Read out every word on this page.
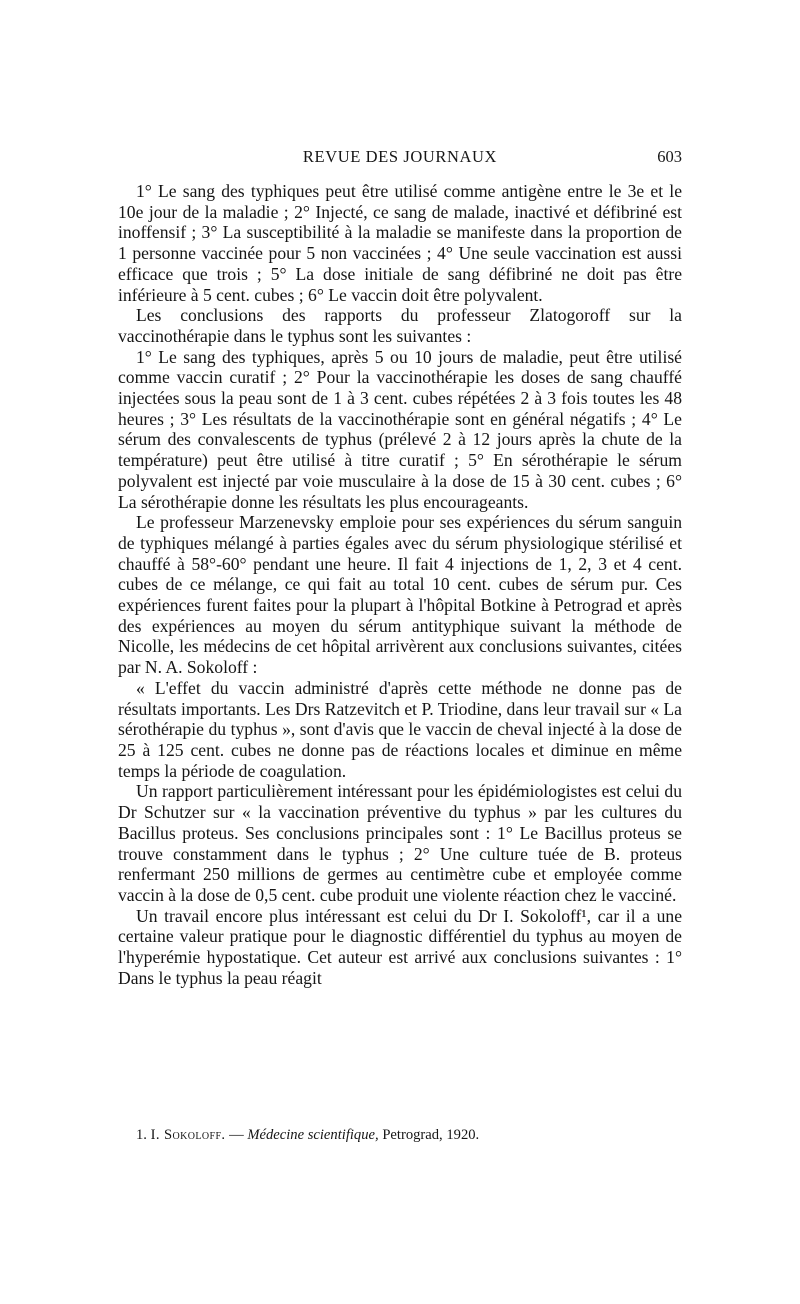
REVUE DES JOURNAUX	603

1° Le sang des typhiques peut être utilisé comme antigène entre le 3e et le 10e jour de la maladie ; 2° Injecté, ce sang de malade, inactivé et défibriné est inoffensif ; 3° La susceptibilité à la maladie se manifeste dans la proportion de 1 personne vaccinée pour 5 non vaccinées ; 4° Une seule vaccination est aussi efficace que trois ; 5° La dose initiale de sang défibriné ne doit pas être inférieure à 5 cent. cubes ; 6° Le vaccin doit être polyvalent.

Les conclusions des rapports du professeur Zlatogoroff sur la vaccinothérapie dans le typhus sont les suivantes :

1° Le sang des typhiques, après 5 ou 10 jours de maladie, peut être utilisé comme vaccin curatif ; 2° Pour la vaccinothérapie les doses de sang chauffé injectées sous la peau sont de 1 à 3 cent. cubes répétées 2 à 3 fois toutes les 48 heures ; 3° Les résultats de la vaccinothérapie sont en général négatifs ; 4° Le sérum des convalescents de typhus (prélevé 2 à 12 jours après la chute de la température) peut être utilisé à titre curatif ; 5° En sérothérapie le sérum polyvalent est injecté par voie musculaire à la dose de 15 à 30 cent. cubes ; 6° La sérothérapie donne les résultats les plus encourageants.

Le professeur Marzenevsky emploie pour ses expériences du sérum sanguin de typhiques mélangé à parties égales avec du sérum physiologique stérilisé et chauffé à 58°-60° pendant une heure. Il fait 4 injections de 1, 2, 3 et 4 cent. cubes de ce mélange, ce qui fait au total 10 cent. cubes de sérum pur. Ces expériences furent faites pour la plupart à l'hôpital Botkine à Petrograd et après des expériences au moyen du sérum antityphique suivant la méthode de Nicolle, les médecins de cet hôpital arrivèrent aux conclusions suivantes, citées par N. A. Sokoloff :

« L'effet du vaccin administré d'après cette méthode ne donne pas de résultats importants. Les Drs Ratzevitch et P. Triodine, dans leur travail sur « La sérothérapie du typhus », sont d'avis que le vaccin de cheval injecté à la dose de 25 à 125 cent. cubes ne donne pas de réactions locales et diminue en même temps la période de coagulation.

Un rapport particulièrement intéressant pour les épidémiologistes est celui du Dr Schutzer sur « la vaccination préventive du typhus » par les cultures du Bacillus proteus. Ses conclusions principales sont : 1° Le Bacillus proteus se trouve constamment dans le typhus ; 2° Une culture tuée de B. proteus renfermant 250 millions de germes au centimètre cube et employée comme vaccin à la dose de 0,5 cent. cube produit une violente réaction chez le vacciné.

Un travail encore plus intéressant est celui du Dr I. Sokoloff¹, car il a une certaine valeur pratique pour le diagnostic différentiel du typhus au moyen de l'hyperémie hypostatique. Cet auteur est arrivé aux conclusions suivantes : 1° Dans le typhus la peau réagit

1. I. Sokoloff. — Médecine scientifique, Petrograd, 1920.
